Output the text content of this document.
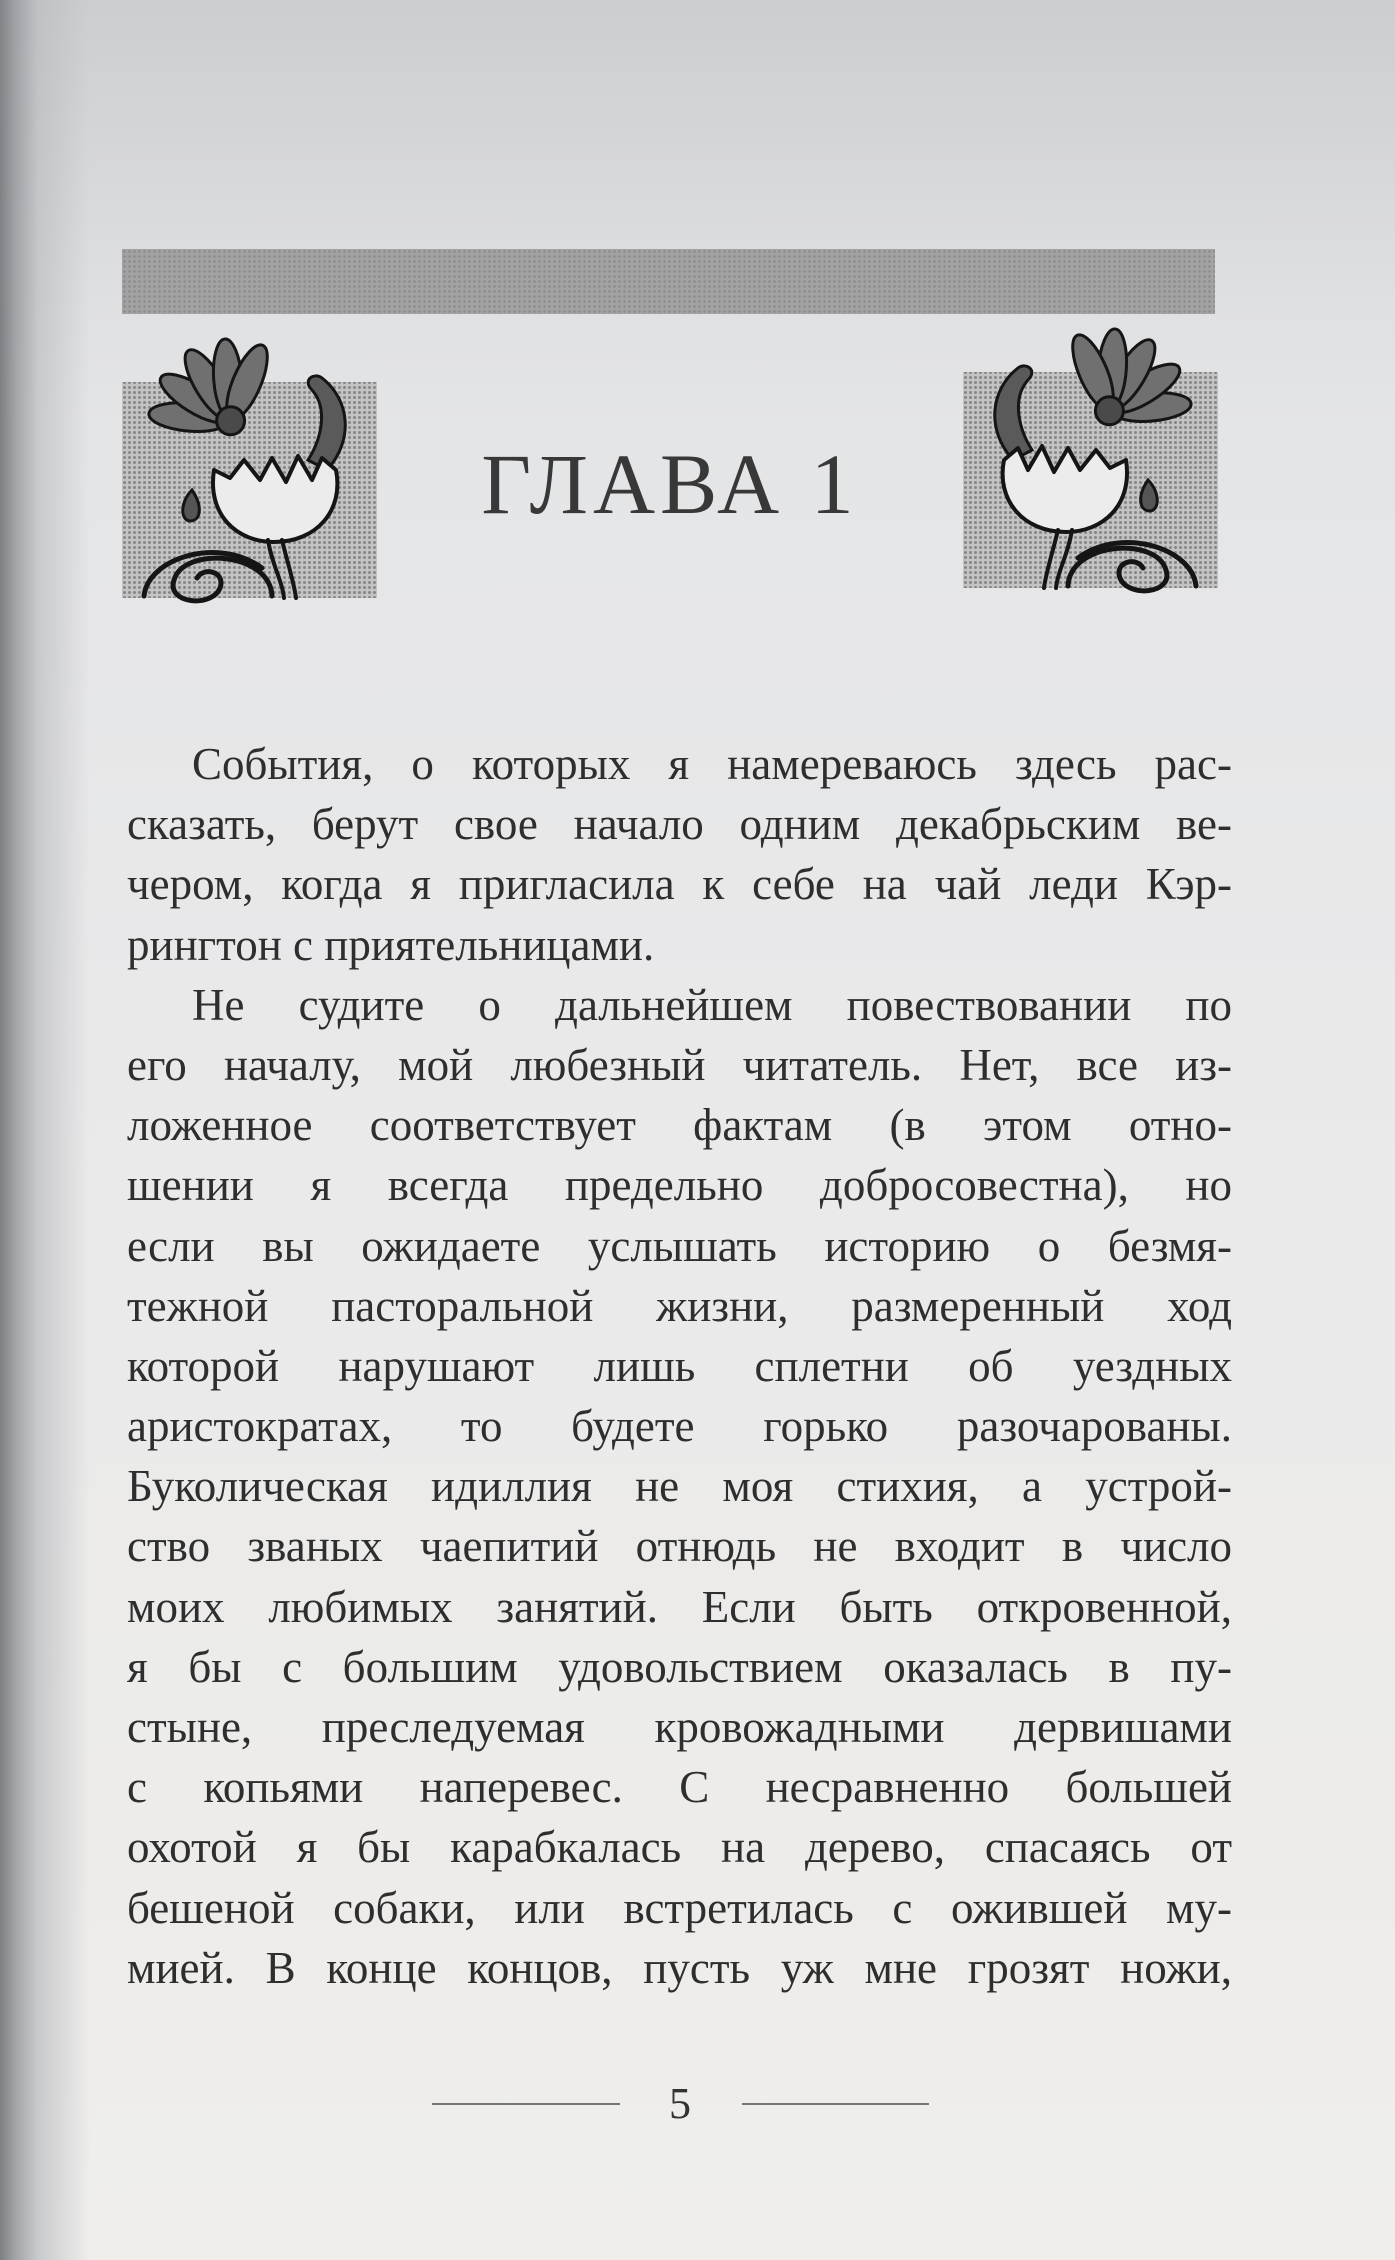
ГЛАВА 1
События, о которых я намереваюсь здесь рас-
сказать, берут свое начало одним декабрьским ве-
чером, когда я пригласила к себе на чай леди Кэр-
рингтон с приятельницами.
Не судите о дальнейшем повествовании по
его началу, мой любезный читатель. Нет, все из-
ложенное соответствует фактам (в этом отно-
шении я всегда предельно добросовестна), но
если вы ожидаете услышать историю о безмя-
тежной пасторальной жизни, размеренный ход
которой нарушают лишь сплетни об уездных
аристократах, то будете горько разочарованы.
Буколическая идиллия не моя стихия, а устрой-
ство званых чаепитий отнюдь не входит в число
моих любимых занятий. Если быть откровенной,
я бы с большим удовольствием оказалась в пу-
стыне, преследуемая кровожадными дервишами
с копьями наперевес. С несравненно большей
охотой я бы карабкалась на дерево, спасаясь от
бешеной собаки, или встретилась с ожившей му-
мией. В конце концов, пусть уж мне грозят ножи,
5
